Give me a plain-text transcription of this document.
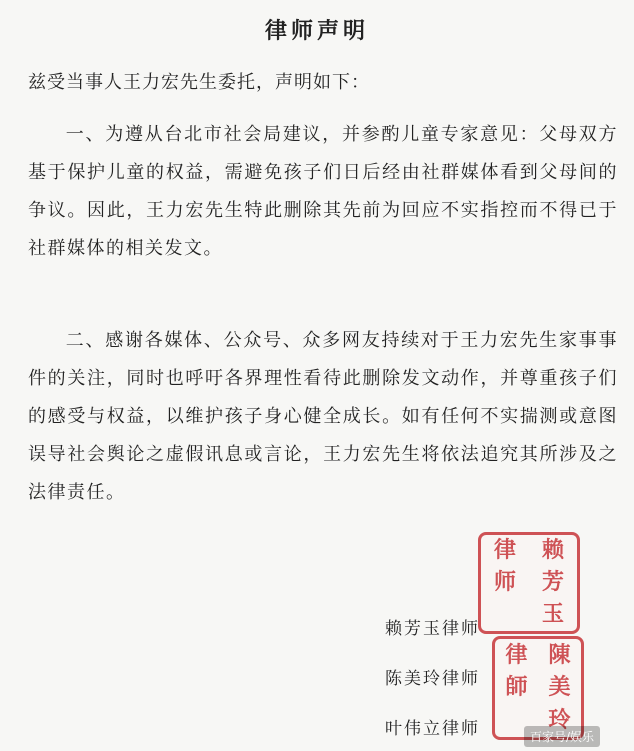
律师声明
兹受当事人王力宏先生委托，声明如下：
一、为遵从台北市社会局建议，并参酌儿童专家意见：父母双方基于保护儿童的权益，需避免孩子们日后经由社群媒体看到父母间的争议。因此，王力宏先生特此删除其先前为回应不实指控而不得已于社群媒体的相关发文。
二、感谢各媒体、公众号、众多网友持续对于王力宏先生家事事件的关注，同时也呼吁各界理性看待此删除发文动作，并尊重孩子们的感受与权益，以维护孩子身心健全成长。如有任何不实揣测或意图误导社会舆论之虚假讯息或言论，王力宏先生将依法追究其所涉及之法律责任。
律	赖
师	芳
玉
律 陳
師 美
玲
赖芳玉律师
陈美玲律师
叶伟立律师	百家号/娱乐
